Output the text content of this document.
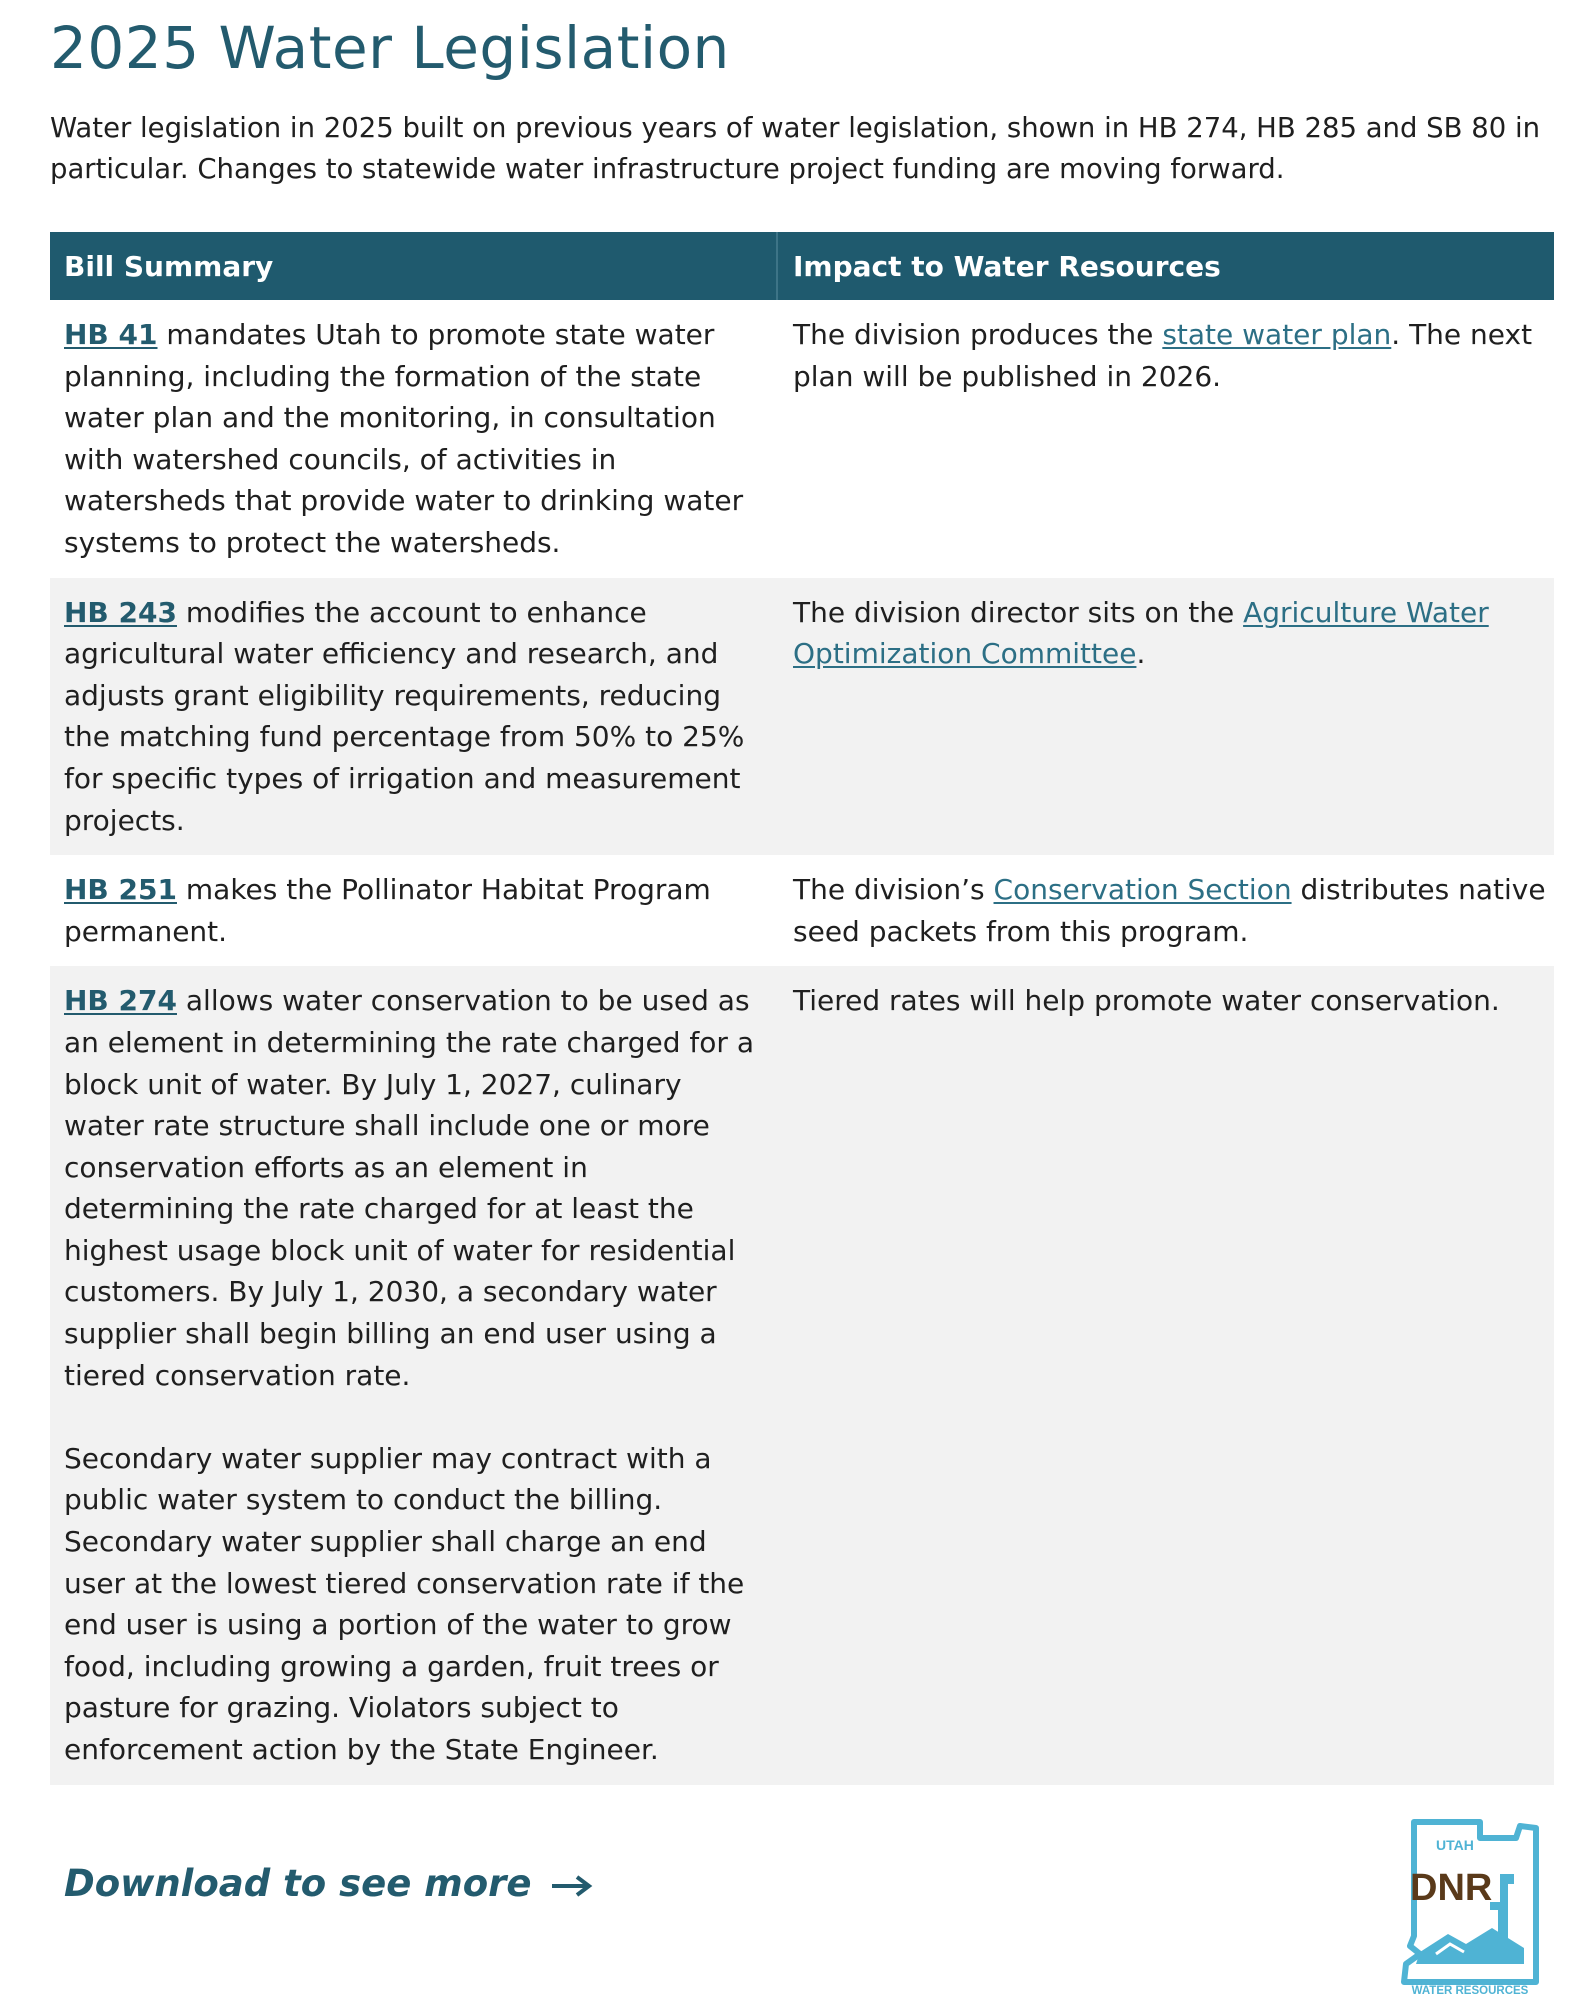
2025 Water Legislation

Water legislation in 2025 built on previous years of water legislation, shown in HB 274, HB 285 and SB 80 in particular. Changes to statewide water infrastructure project funding are moving forward.

Bill Summary	Impact to Water Resources
HB 41 mandates Utah to promote state water planning, including the formation of the state water plan and the monitoring, in consultation with watershed councils, of activities in watersheds that provide water to drinking water systems to protect the watersheds.	The division produces the state water plan. The next plan will be published in 2026.
HB 243 modifies the account to enhance agricultural water efficiency and research, and adjusts grant eligibility requirements, reducing the matching fund percentage from 50% to 25% for specific types of irrigation and measurement projects.	The division director sits on the Agriculture Water Optimization Committee.
HB 251 makes the Pollinator Habitat Program permanent.	The division’s Conservation Section distributes native seed packets from this program.
HB 274 allows water conservation to be used as an element in determining the rate charged for a block unit of water. By July 1, 2027, culinary water rate structure shall include one or more conservation efforts as an element in determining the rate charged for at least the highest usage block unit of water for residential customers. By July 1, 2030, a secondary water supplier shall begin billing an end user using a tiered conservation rate.
Secondary water supplier may contract with a public water system to conduct the billing. Secondary water supplier shall charge an end user at the lowest tiered conservation rate if the end user is using a portion of the water to grow food, including growing a garden, fruit trees or pasture for grazing. Violators subject to enforcement action by the State Engineer.	Tiered rates will help promote water conservation.
Download to see more
UTAH
DNR
WATER RESOURCES
